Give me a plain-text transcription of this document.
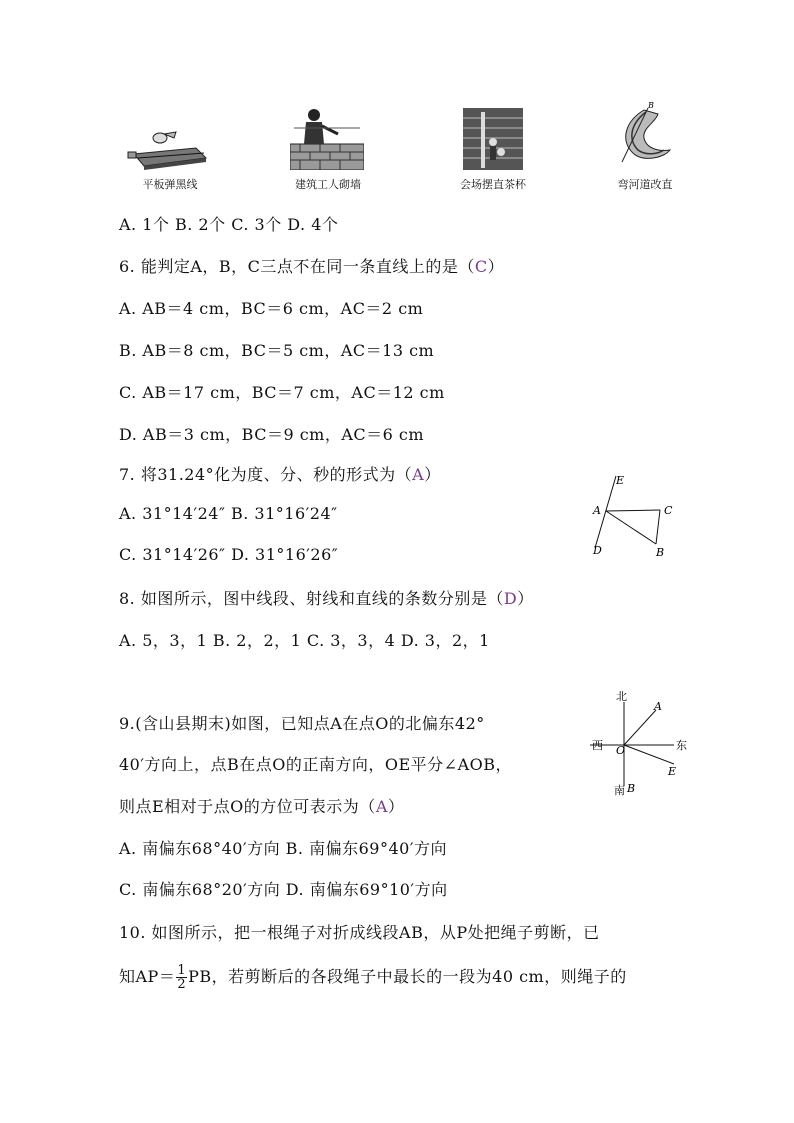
平板弹黑线	建筑工人砌墙	会场摆直茶杯
B
弯河道改直
A. 1个 B. 2个 C. 3个 D. 4个
6. 能判定A，B，C三点不在同一条直线上的是（C）
A. AB＝4 cm，BC＝6 cm，AC＝2 cm
B. AB＝8 cm，BC＝5 cm，AC＝13 cm
C. AB＝17 cm，BC＝7 cm，AC＝12 cm
D. AB＝3 cm，BC＝9 cm，AC＝6 cm
7. 将31.24°化为度、分、秒的形式为（A）
A. 31°14′24″ B. 31°16′24″
C. 31°14′26″ D. 31°16′26″
E
A	C
D	B
8. 如图所示，图中线段、射线和直线的条数分别是（D）
A. 5，3，1 B. 2，2，1 C. 3，3，4 D. 3，2，1
北
南
西	东
O
A
B
E
9.(含山县期末)如图，已知点A在点O的北偏东42°
40′方向上，点B在点O的正南方向，OE平分∠AOB，
则点E相对于点O的方位可表示为（A）
A. 南偏东68°40′方向 B. 南偏东69°40′方向
C. 南偏东68°20′方向 D. 南偏东69°10′方向
10. 如图所示，把一根绳子对折成线段AB，从P处把绳子剪断，已
知$AP= \frac{1}{2}$ PB，若剪断后的各段绳子中最长的一段为40 cm，则绳子的
